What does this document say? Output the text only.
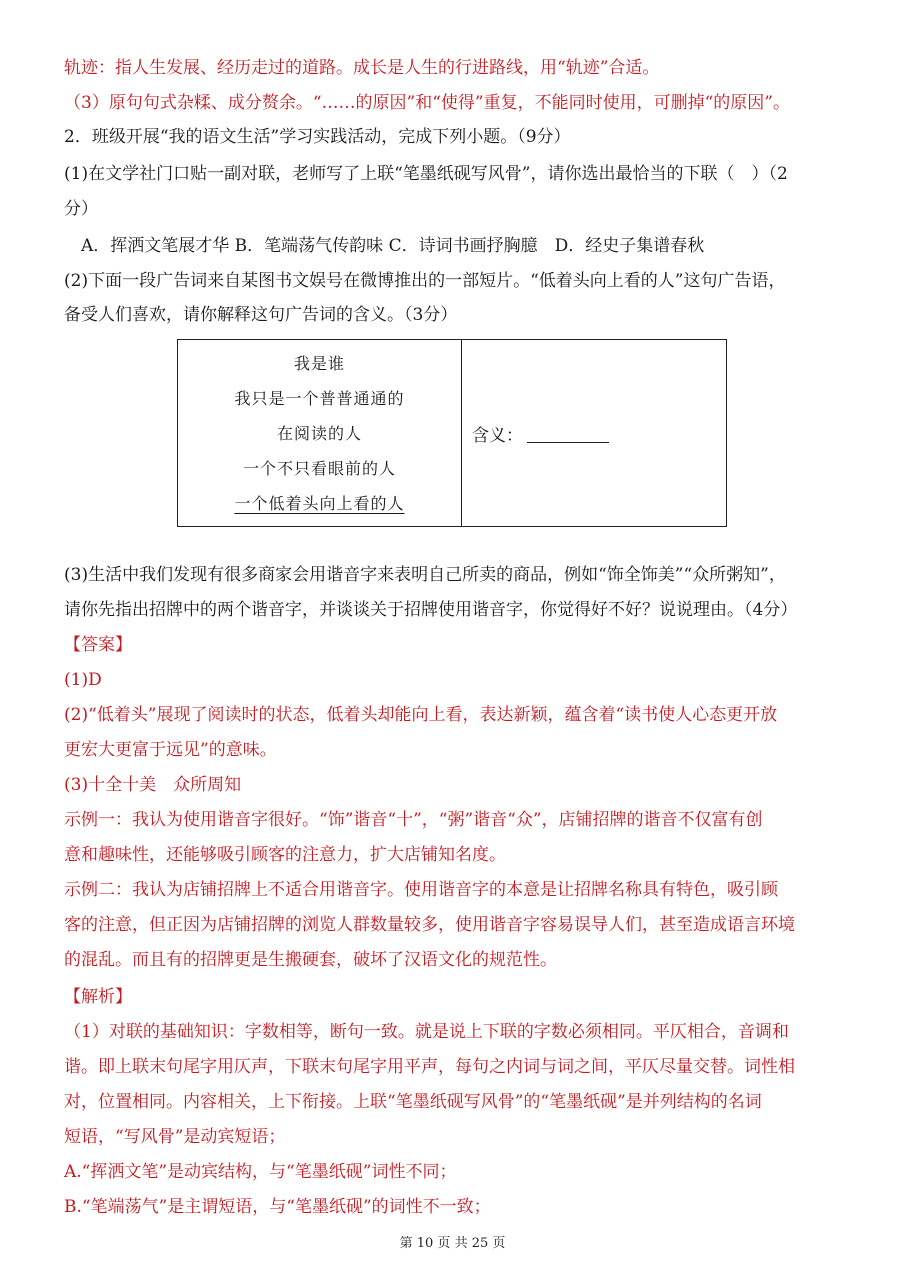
轨迹：指人生发展、经历走过的道路。成长是人生的行进路线，用“轨迹”合适。
（3）原句句式杂糅、成分赘余。“……的原因”和“使得”重复，不能同时使用，可删掉“的原因”。
2．班级开展“我的语文生活”学习实践活动，完成下列小题。（9分）
(1)在文学社门口贴一副对联，老师写了上联“笔墨纸砚写风骨”，请你选出最恰当的下联（　）（2
分）
　A．挥洒文笔展才华 B．笔端荡气传韵味 C．诗词书画抒胸臆　D．经史子集谱春秋
(2)下面一段广告词来自某图书文娱号在微博推出的一部短片。“低着头向上看的人”这句广告语，
备受人们喜欢，请你解释这句广告词的含义。（3分）
我是谁
我只是一个普普通通的
在阅读的人
一个不只看眼前的人
一个低着头向上看的人
含义：
(3)生活中我们发现有很多商家会用谐音字来表明自己所卖的商品，例如“饰全饰美”“众所粥知”，
请你先指出招牌中的两个谐音字，并谈谈关于招牌使用谐音字，你觉得好不好？说说理由。（4分）
【答案】
(1)D
(2)“低着头”展现了阅读时的状态，低着头却能向上看，表达新颖，蕴含着“读书使人心态更开放
更宏大更富于远见”的意味。
(3)十全十美　众所周知
示例一：我认为使用谐音字很好。“饰”谐音“十”，“粥”谐音“众”，店铺招牌的谐音不仅富有创
意和趣味性，还能够吸引顾客的注意力，扩大店铺知名度。
示例二：我认为店铺招牌上不适合用谐音字。使用谐音字的本意是让招牌名称具有特色，吸引顾
客的注意，但正因为店铺招牌的浏览人群数量较多，使用谐音字容易误导人们，甚至造成语言环境
的混乱。而且有的招牌更是生搬硬套，破坏了汉语文化的规范性。
【解析】
（1）对联的基础知识：字数相等，断句一致。就是说上下联的字数必须相同。平仄相合，音调和
谐。即上联末句尾字用仄声，下联末句尾字用平声，每句之内词与词之间，平仄尽量交替。词性相
对，位置相同。内容相关，上下衔接。上联“笔墨纸砚写风骨”的“笔墨纸砚”是并列结构的名词
短语，“写风骨”是动宾短语；
A.“挥洒文笔”是动宾结构，与“笔墨纸砚”词性不同；
B.“笔端荡气”是主谓短语，与“笔墨纸砚”的词性不一致；
第 10 页 共 25 页
